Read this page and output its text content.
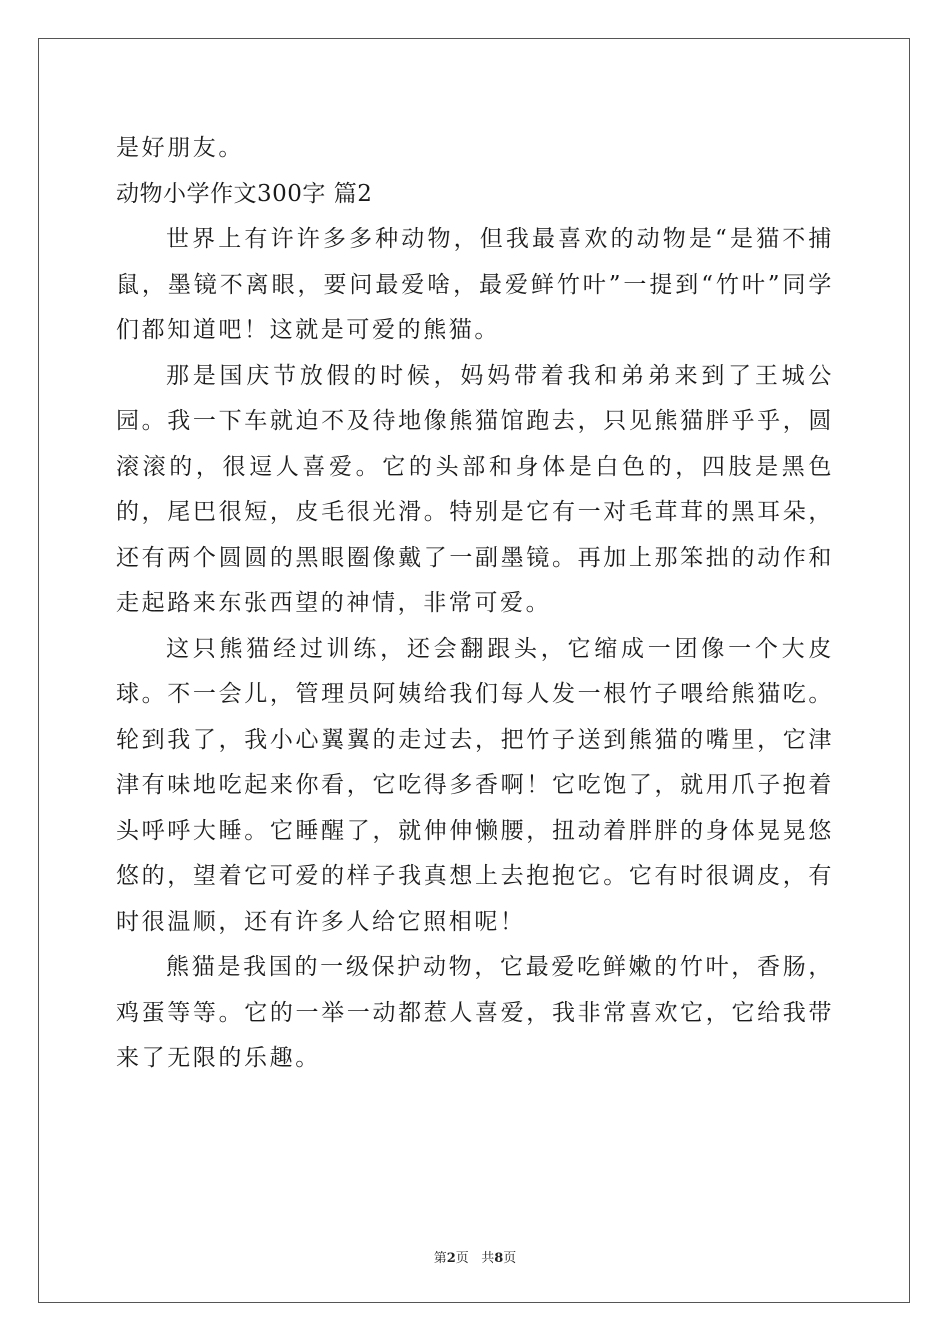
是好朋友。

动物小学作文300字 篇2

世界上有许许多多种动物，但我最喜欢的动物是“是猫不捕鼠，墨镜不离眼，要问最爱啥，最爱鲜竹叶”一提到“竹叶”同学们都知道吧！这就是可爱的熊猫。

那是国庆节放假的时候，妈妈带着我和弟弟来到了王城公园。我一下车就迫不及待地像熊猫馆跑去，只见熊猫胖乎乎，圆滚滚的，很逗人喜爱。它的头部和身体是白色的，四肢是黑色的，尾巴很短，皮毛很光滑。特别是它有一对毛茸茸的黑耳朵，还有两个圆圆的黑眼圈像戴了一副墨镜。再加上那笨拙的动作和走起路来东张西望的神情，非常可爱。

这只熊猫经过训练，还会翻跟头，它缩成一团像一个大皮球。不一会儿，管理员阿姨给我们每人发一根竹子喂给熊猫吃。轮到我了，我小心翼翼的走过去，把竹子送到熊猫的嘴里，它津津有味地吃起来你看，它吃得多香啊！它吃饱了，就用爪子抱着头呼呼大睡。它睡醒了，就伸伸懒腰，扭动着胖胖的身体晃晃悠悠的，望着它可爱的样子我真想上去抱抱它。它有时很调皮，有时很温顺，还有许多人给它照相呢！

熊猫是我国的一级保护动物，它最爱吃鲜嫩的竹叶，香肠，鸡蛋等等。它的一举一动都惹人喜爱，我非常喜欢它，它给我带来了无限的乐趣。

第2页 共8页
